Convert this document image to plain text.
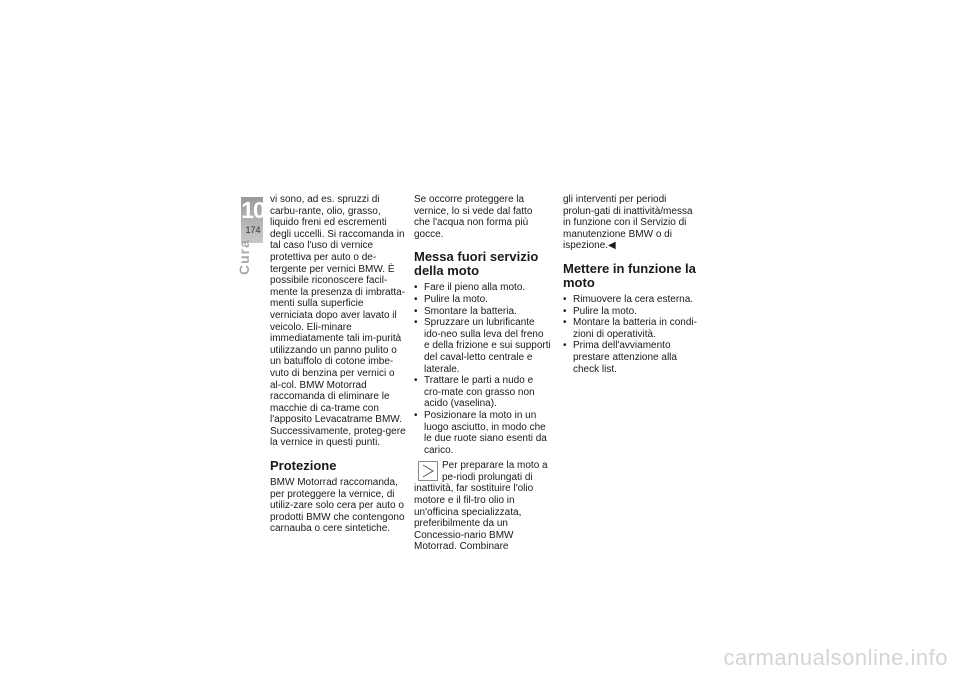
10
174
Cura

vi sono, ad es. spruzzi di carbu-rante, olio, grasso, liquido freni ed escrementi degli uccelli. Si raccomanda in tal caso l'uso di vernice protettiva per auto o de-tergente per vernici BMW. È possibile riconoscere facil-mente la presenza di imbratta-menti sulla superficie verniciata dopo aver lavato il veicolo. Eli-minare immediatamente tali im-purità utilizzando un panno pulito o un batuffolo di cotone imbe-vuto di benzina per vernici o al-col. BMW Motorrad raccomanda di eliminare le macchie di ca-trame con l'apposito Levacatrame BMW. Successivamente, proteg-gere la vernice in questi punti.

Protezione

BMW Motorrad raccomanda, per proteggere la vernice, di utiliz-zare solo cera per auto o prodotti BMW che contengono carnauba o cere sintetiche.

Se occorre proteggere la vernice, lo si vede dal fatto che l'acqua non forma più gocce.

Messa fuori servizio della moto
• Fare il pieno alla moto.
• Pulire la moto.
• Smontare la batteria.
• Spruzzare un lubrificante ido-neo sulla leva del freno e della frizione e sui supporti del caval-letto centrale e laterale.
• Trattare le parti a nudo e cro-mate con grasso non acido (vaselina).
• Posizionare la moto in un luogo asciutto, in modo che le due ruote siano esenti da carico.

Per preparare la moto a pe-riodi prolungati di inattività, far sostituire l'olio motore e il fil-tro olio in un'officina specializzata, preferibilmente da un Concessio-nario BMW Motorrad. Combinare

gli interventi per periodi prolun-gati di inattività/messa in funzione con il Servizio di manutenzione BMW o di ispezione.◀

Mettere in funzione la moto
• Rimuovere la cera esterna.
• Pulire la moto.
• Montare la batteria in condi-zioni di operatività.
• Prima dell'avviamento prestare attenzione alla check list.
carmanualsonline.info
